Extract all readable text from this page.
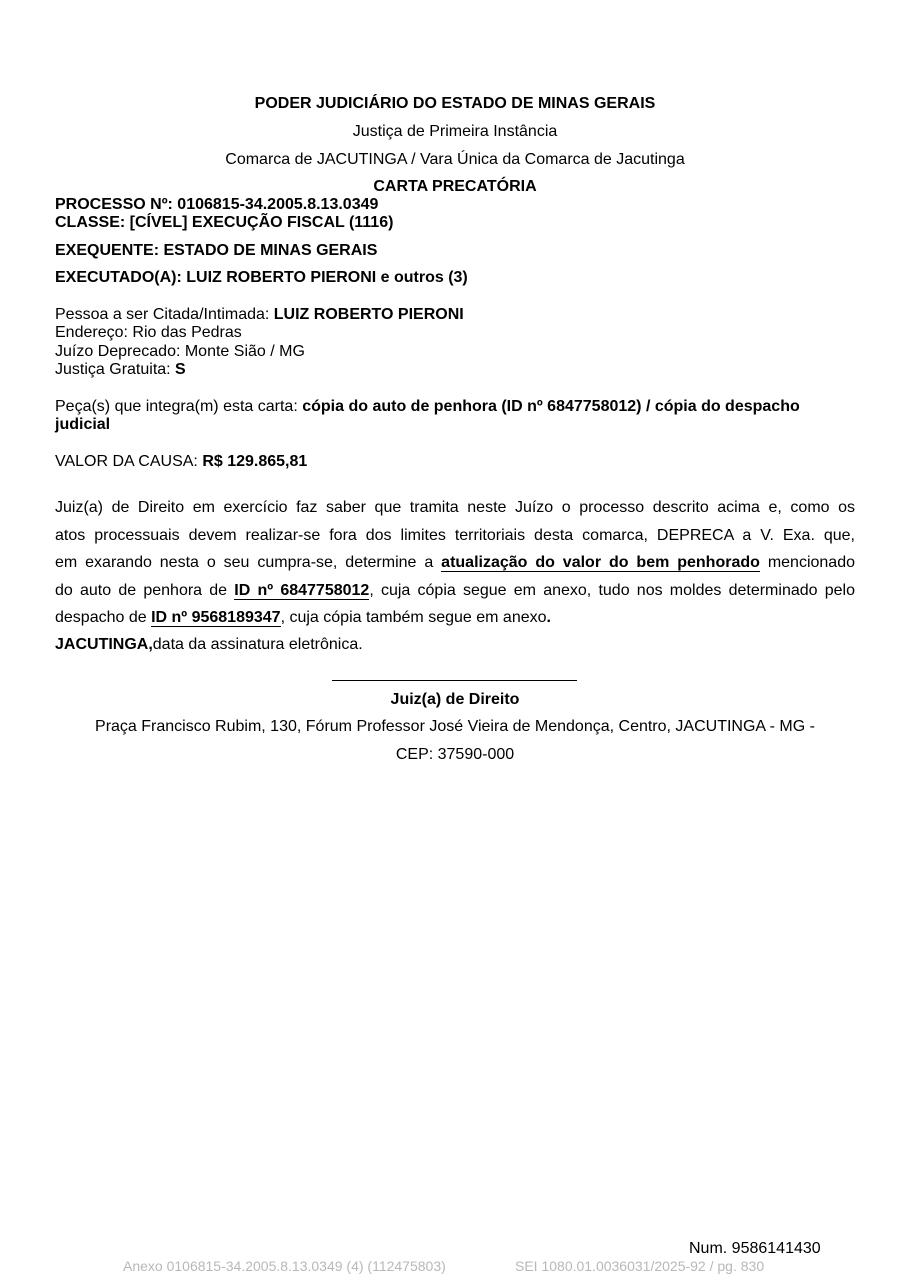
PODER JUDICIÁRIO DO ESTADO DE MINAS GERAIS
Justiça de Primeira Instância
Comarca de JACUTINGA / Vara Única da Comarca de Jacutinga
CARTA PRECATÓRIA
PROCESSO Nº: 0106815-34.2005.8.13.0349
CLASSE: [CÍVEL] EXECUÇÃO FISCAL (1116)
EXEQUENTE: ESTADO DE MINAS GERAIS
EXECUTADO(A): LUIZ ROBERTO PIERONI e outros (3)
Pessoa a ser Citada/Intimada: LUIZ ROBERTO PIERONI
Endereço: Rio das Pedras
Juízo Deprecado: Monte Sião / MG
Justiça Gratuita: S
Peça(s) que integra(m) esta carta: cópia do auto de penhora (ID nº 6847758012) / cópia do despacho judicial
VALOR DA CAUSA: R$ 129.865,81
Juiz(a) de Direito em exercício faz saber que tramita neste Juízo o processo descrito acima e, como os
atos processuais devem realizar-se fora dos limites territoriais desta comarca, DEPRECA a V. Exa. que,
em exarando nesta o seu cumpra-se, determine a atualização do valor do bem penhorado mencionado
do auto de penhora de ID nº 6847758012, cuja cópia segue em anexo, tudo nos moldes determinado pelo
despacho de ID nº 9568189347, cuja cópia também segue em anexo.
JACUTINGA,data da assinatura eletrônica.
Juiz(a) de Direito
Praça Francisco Rubim, 130, Fórum Professor José Vieira de Mendonça, Centro, JACUTINGA - MG -
CEP: 37590-000
Num. 9586141430
Anexo 0106815-34.2005.8.13.0349 (4) (112475803)	SEI 1080.01.0036031/2025-92 / pg. 830
